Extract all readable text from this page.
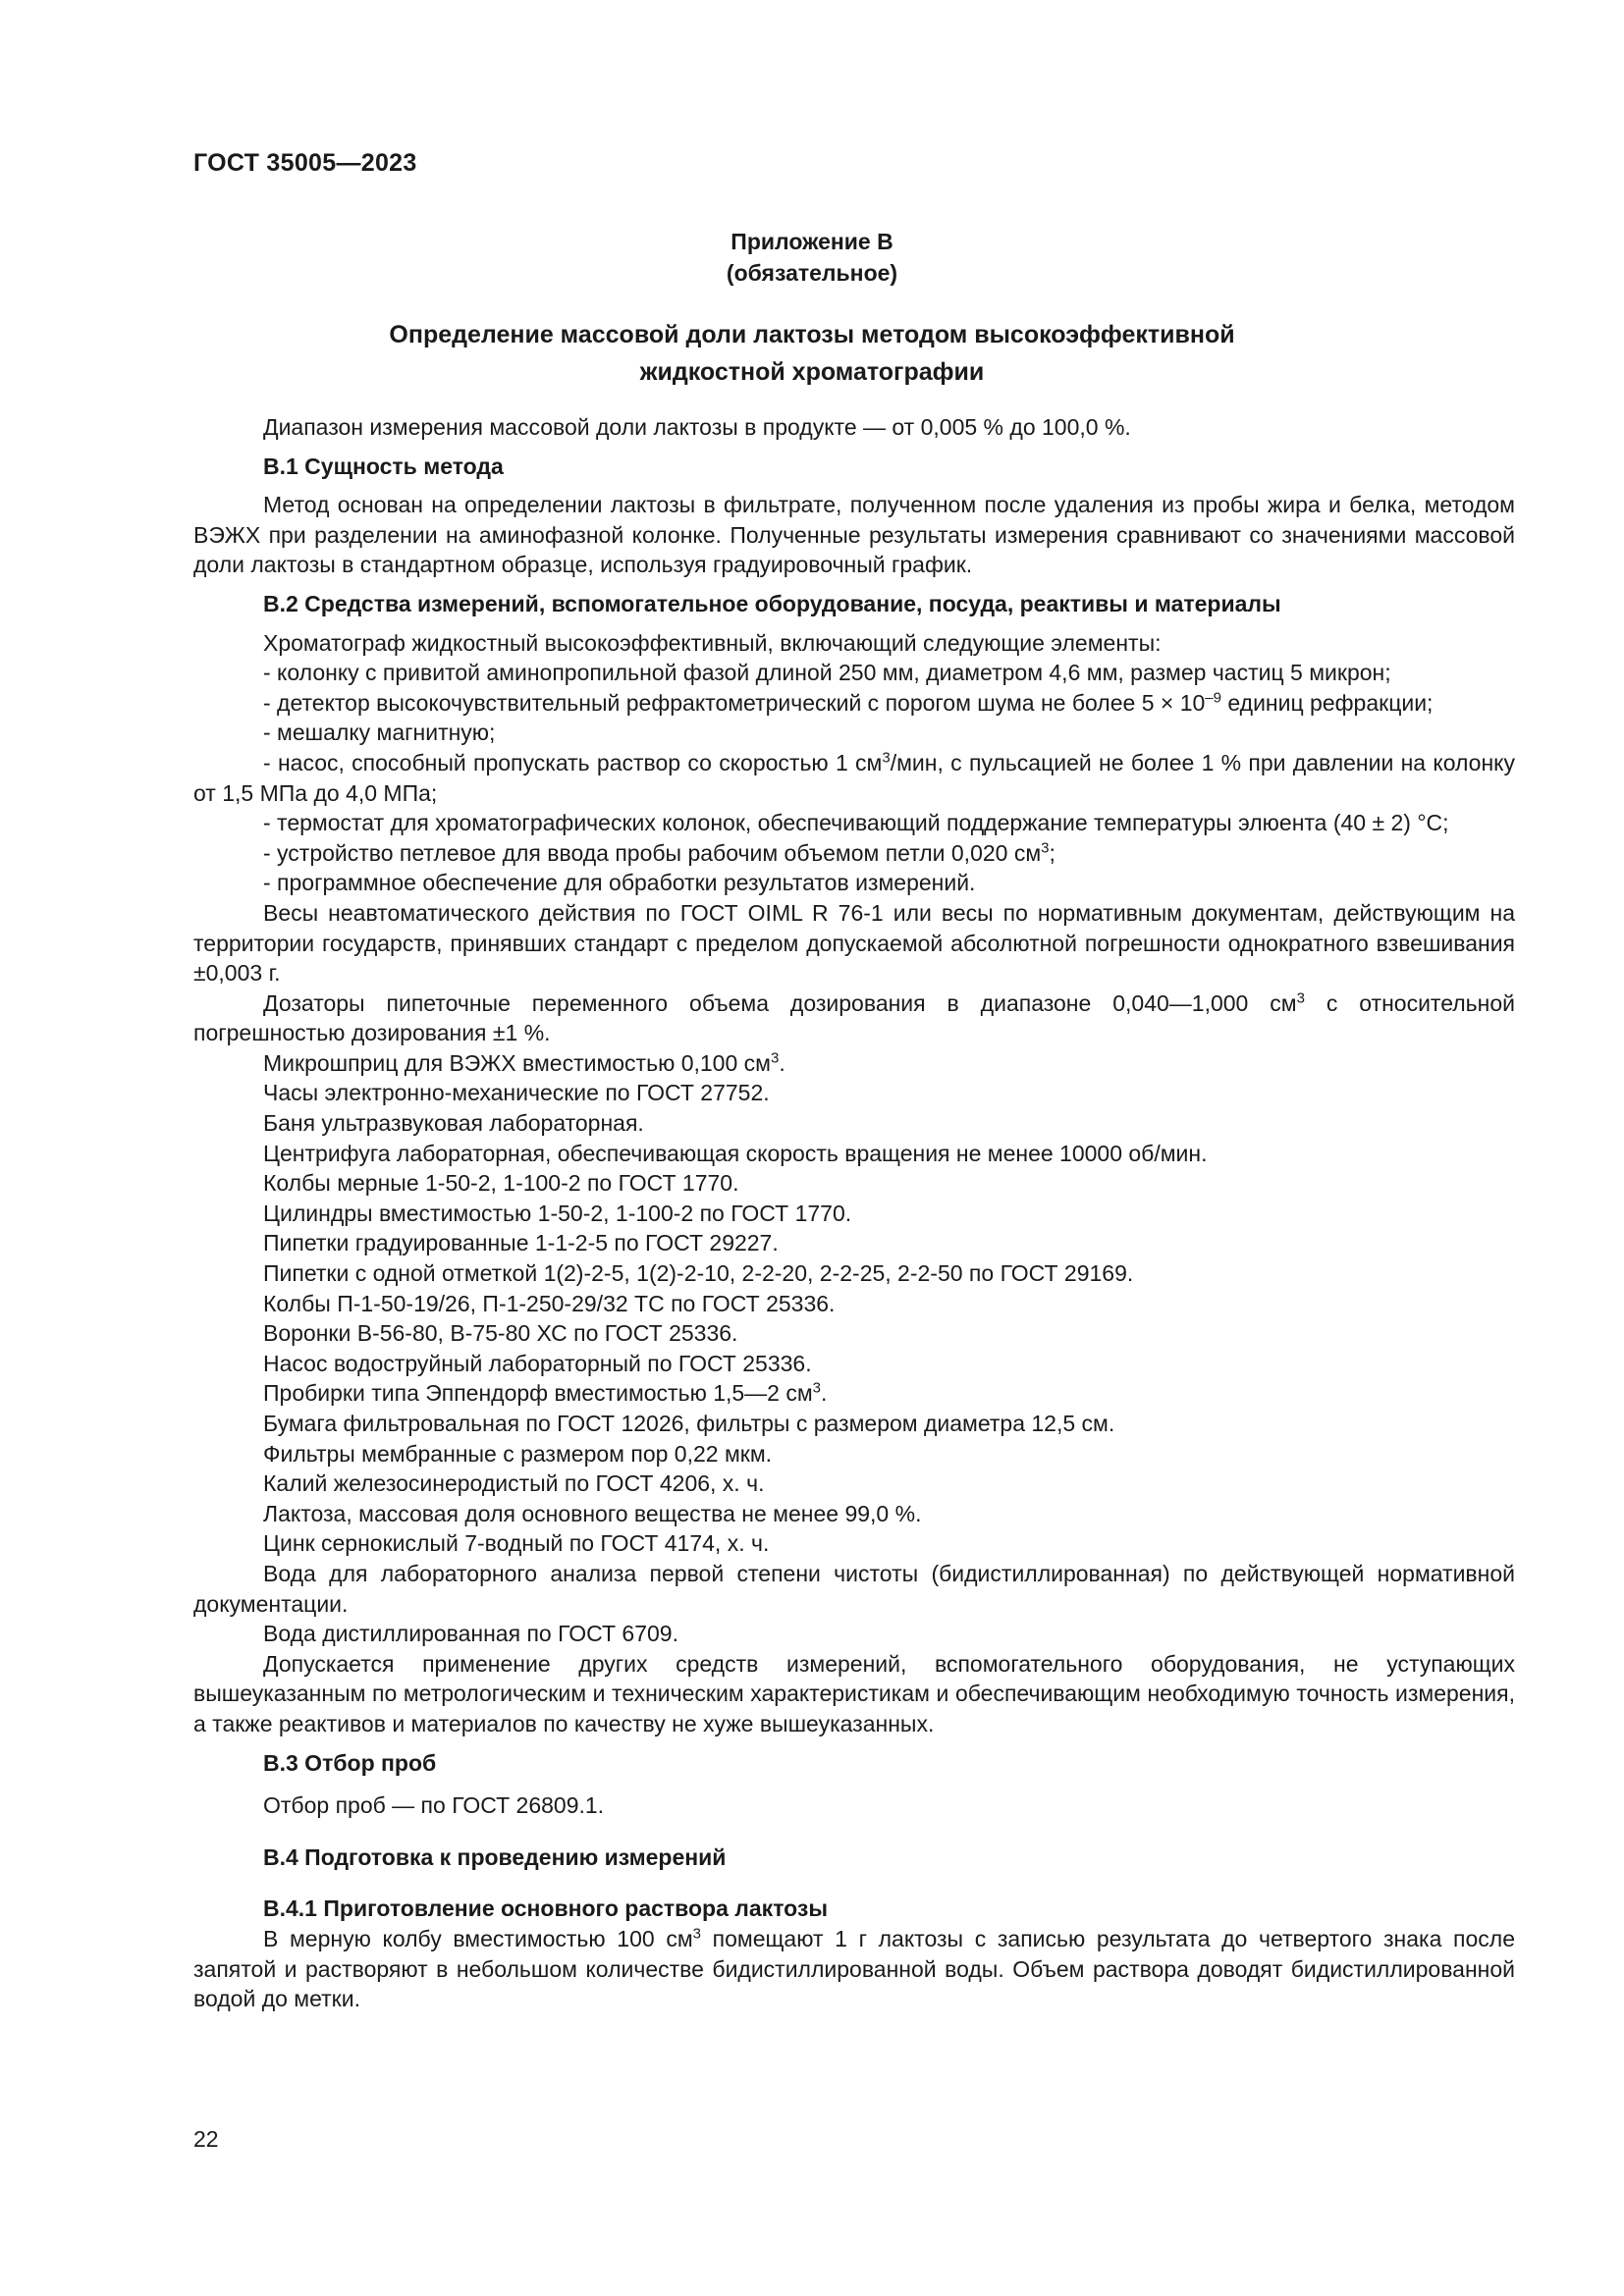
ГОСТ 35005—2023
Приложение В
(обязательное)
Определение массовой доли лактозы методом высокоэффективной
жидкостной хроматографии

Диапазон измерения массовой доли лактозы в продукте — от 0,005 % до 100,0 %.

В.1 Сущность метода

Метод основан на определении лактозы в фильтрате, полученном после удаления из пробы жира и белка, методом ВЭЖХ при разделении на аминофазной колонке. Полученные результаты измерения сравнивают со значениями массовой доли лактозы в стандартном образце, используя градуировочный график.

В.2 Средства измерений, вспомогательное оборудование, посуда, реактивы и материалы

Хроматограф жидкостный высокоэффективный, включающий следующие элементы:

- колонку с привитой аминопропильной фазой длиной 250 мм, диаметром 4,6 мм, размер частиц 5 микрон;

- детектор высокочувствительный рефрактометрический с порогом шума не более $5 \times 10^{-9}$ единиц рефракции;

- мешалку магнитную;

- насос, способный пропускать раствор со скоростью 1 $см^3$/мин, с пульсацией не более 1 % при давлении на колонку от 1,5 МПа до 4,0 МПа;

- термостат для хроматографических колонок, обеспечивающий поддержание температуры элюента (40 ± 2) °С;

- устройство петлевое для ввода пробы рабочим объемом петли 0,020 $см^3$;

- программное обеспечение для обработки результатов измерений.

Весы неавтоматического действия по ГОСТ OIML R 76-1 или весы по нормативным документам, действующим на территории государств, принявших стандарт с пределом допускаемой абсолютной погрешности однократного взвешивания ±0,003 г.

Дозаторы пипеточные переменного объема дозирования в диапазоне 0,040—1,000 $см^3$ с относительной погрешностью дозирования ±1 %.

Микрошприц для ВЭЖХ вместимостью 0,100 $см^3$.

Часы электронно-механические по ГОСТ 27752.

Баня ультразвуковая лабораторная.

Центрифуга лабораторная, обеспечивающая скорость вращения не менее 10000 об/мин.

Колбы мерные 1-50-2, 1-100-2 по ГОСТ 1770.

Цилиндры вместимостью 1-50-2, 1-100-2 по ГОСТ 1770.

Пипетки градуированные 1-1-2-5 по ГОСТ 29227.

Пипетки с одной отметкой 1(2)-2-5, 1(2)-2-10, 2-2-20, 2-2-25, 2-2-50 по ГОСТ 29169.

Колбы П-1-50-19/26, П-1-250-29/32 ТС по ГОСТ 25336.

Воронки В-56-80, В-75-80 ХС по ГОСТ 25336.

Насос водоструйный лабораторный по ГОСТ 25336.

Пробирки типа Эппендорф вместимостью 1,5—2 $см^3$.

Бумага фильтровальная по ГОСТ 12026, фильтры с размером диаметра 12,5 см.

Фильтры мембранные с размером пор 0,22 мкм.

Калий железосинеродистый по ГОСТ 4206, х. ч.

Лактоза, массовая доля основного вещества не менее 99,0 %.

Цинк сернокислый 7-водный по ГОСТ 4174, х. ч.

Вода для лабораторного анализа первой степени чистоты (бидистиллированная) по действующей нормативной документации.

Вода дистиллированная по ГОСТ 6709.

Допускается применение других средств измерений, вспомогательного оборудования, не уступающих вышеуказанным по метрологическим и техническим характеристикам и обеспечивающим необходимую точность измерения, а также реактивов и материалов по качеству не хуже вышеуказанных.

В.3 Отбор проб

Отбор проб — по ГОСТ 26809.1.

В.4 Подготовка к проведению измерений
В.4.1 Приготовление основного раствора лактозы

В мерную колбу вместимостью 100 $см^3$ помещают 1 г лактозы с записью результата до четвертого знака после запятой и растворяют в небольшом количестве бидистиллированной воды. Объем раствора доводят бидистиллированной водой до метки.

22
